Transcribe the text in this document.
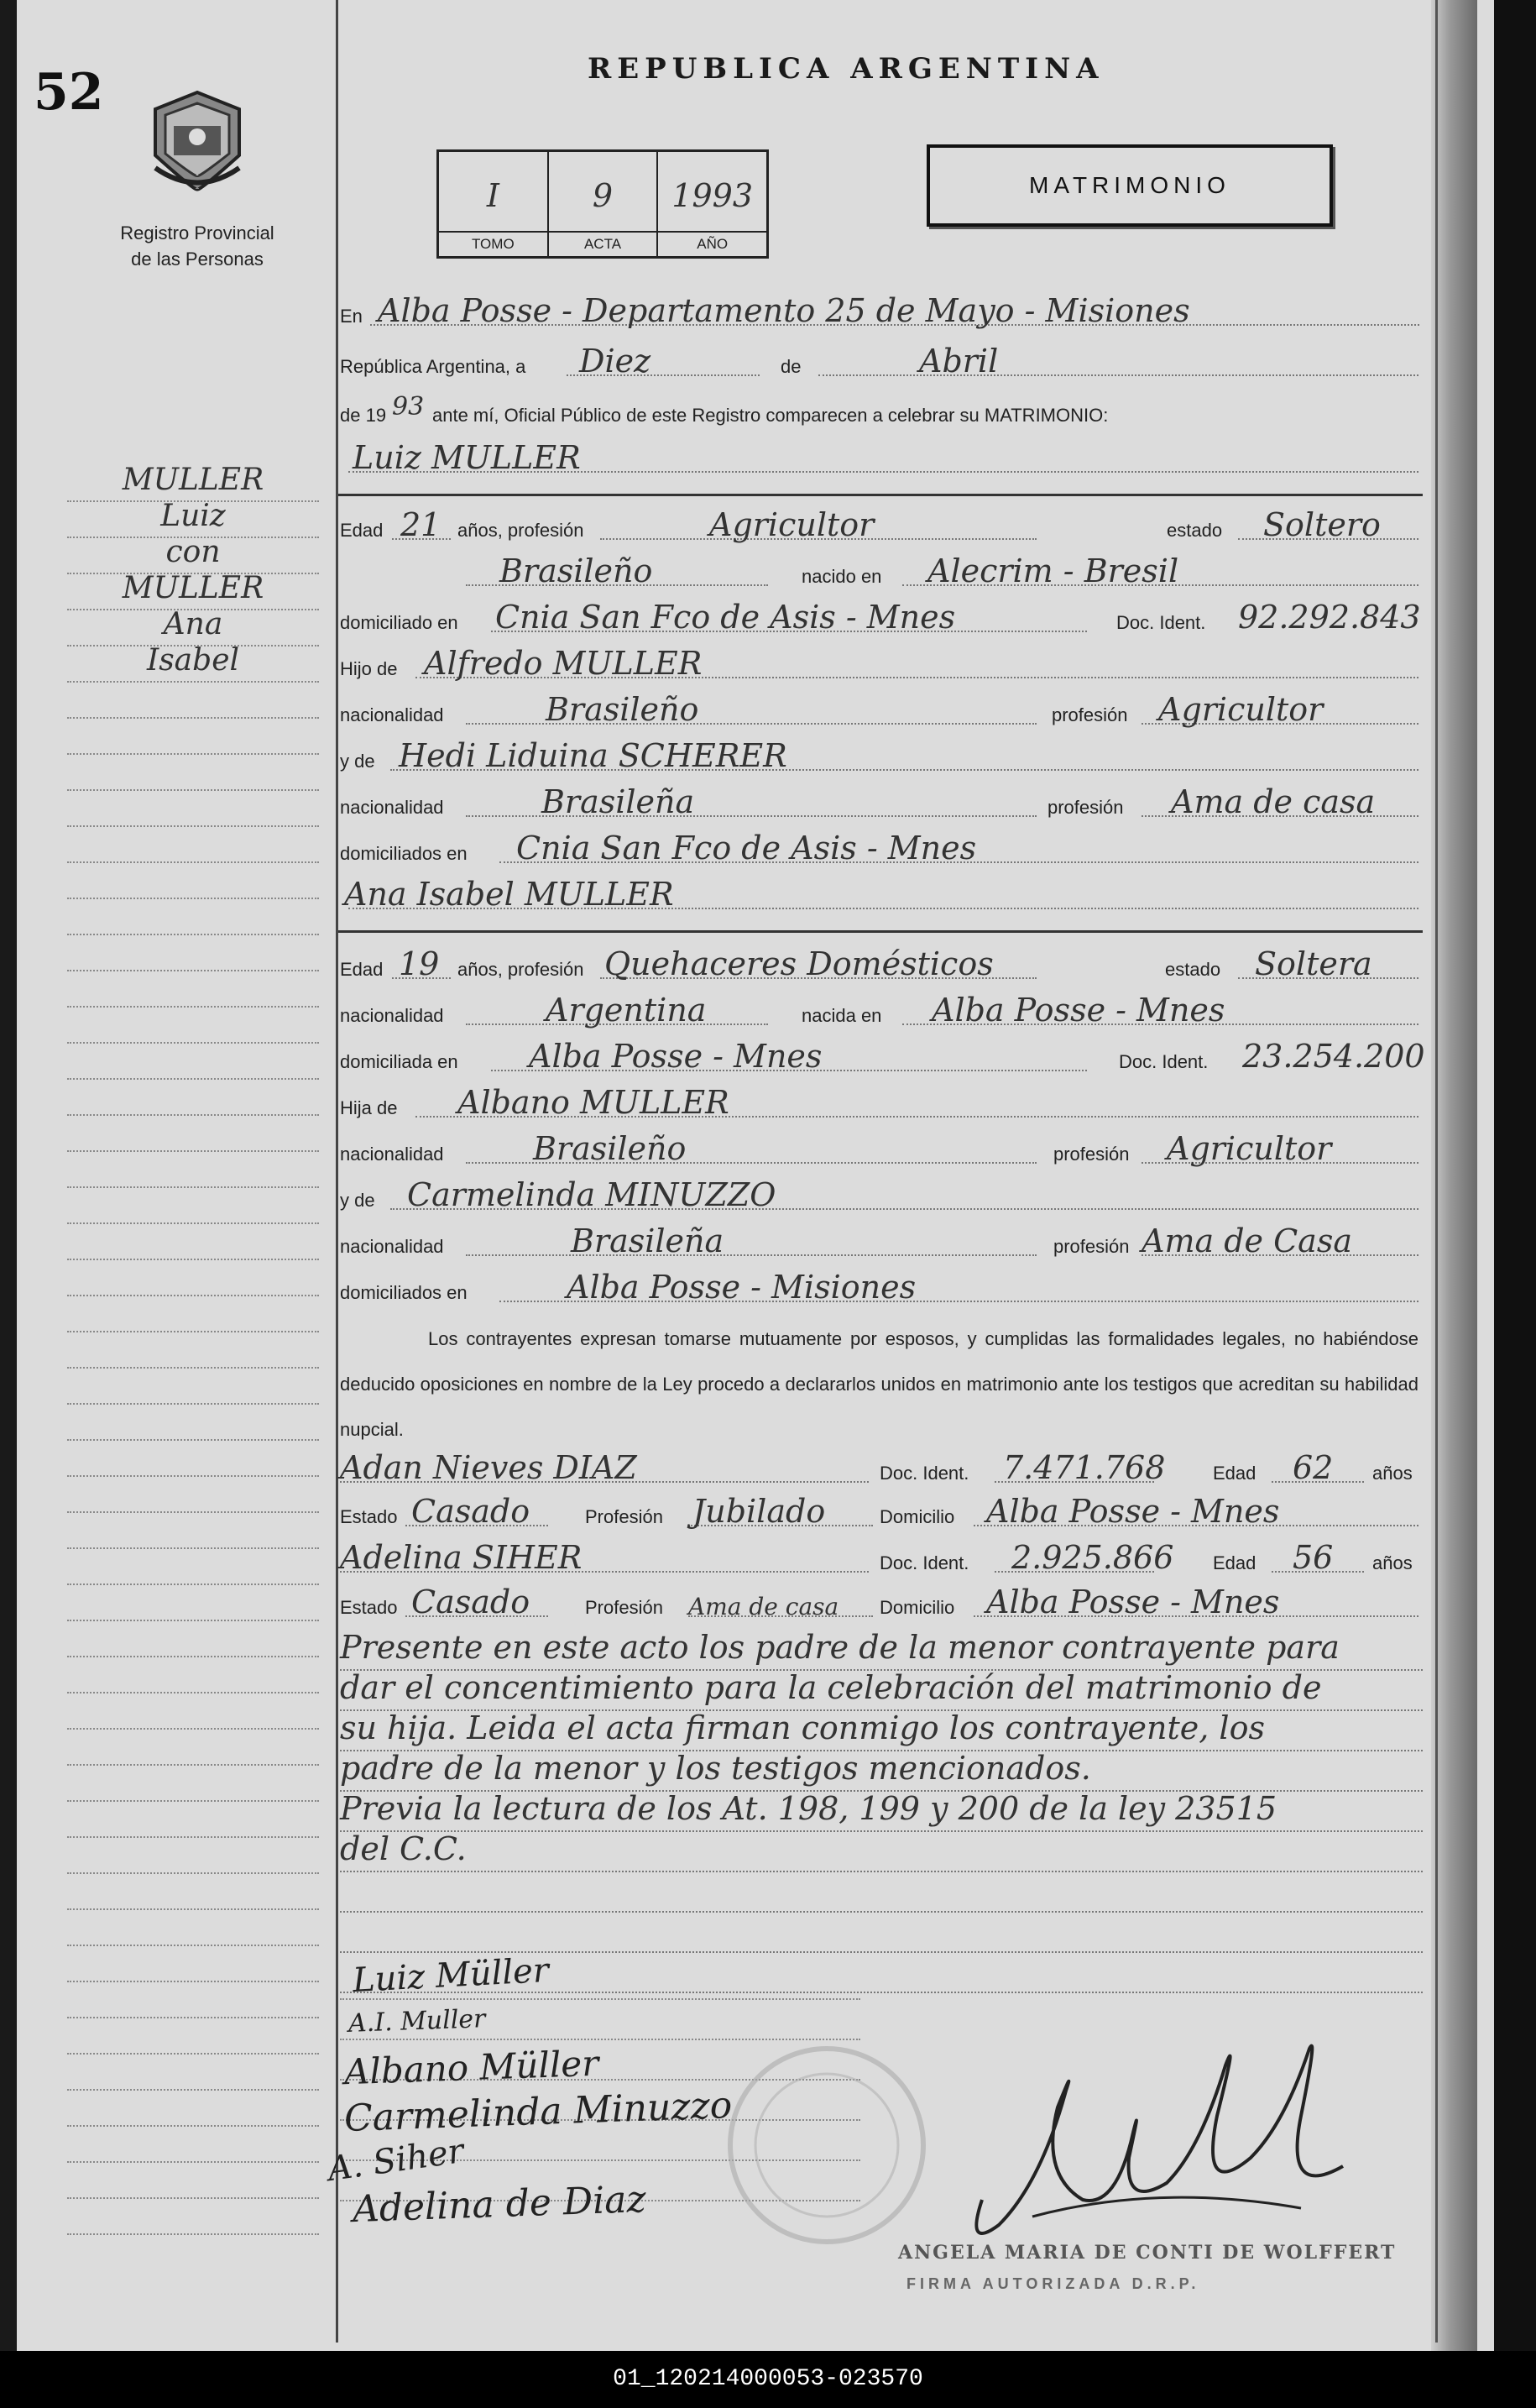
52
Registro Provincial
de las Personas
REPUBLICA ARGENTINA
I
TOMO
9
ACTA
1993
AÑO
MATRIMONIO
MULLER
Luiz
con
MULLER
Ana
Isabel
En Alba Posse - Departamento 25 de Mayo - Misiones
República Argentina, a Diez	de	Abril
de 19 93 ante mí, Oficial Público de este Registro comparecen a celebrar su MATRIMONIO:
Luiz MULLER
Edad 21 años, profesión	Agricultor	estado Soltero
Brasileño	nacido en Alecrim - Bresil
domiciliado en Cnia San Fco de Asis - Mnes	Doc. Ident. 92.292.843
Hijo de Alfredo MULLER
nacionalidad	Brasileño	profesión Agricultor
y de Hedi Liduina SCHERER
nacionalidad	Brasileña	profesión Ama de casa
domiciliados en Cnia San Fco de Asis - Mnes
Ana Isabel MULLER
Edad 19 años, profesión Quehaceres Domésticos	estado Soltera
nacionalidad	Argentina	nacida en Alba Posse - Mnes
domiciliada en Alba Posse - Mnes	Doc. Ident. 23.254.200
Hija de Albano MULLER
nacionalidad	Brasileño	profesión Agricultor
y de Carmelinda MINUZZO
nacionalidad	Brasileña	profesión Ama de Casa
domiciliados en	Alba Posse - Misiones
Los contrayentes expresan tomarse mutuamente por esposos, y cumplidas las formalidades legales, no habiéndose deducido oposiciones en nombre de la Ley procedo a declararlos unidos en matrimonio ante los testigos que acreditan su habilidad nupcial.
Adan Nieves DIAZ	Doc. Ident. 7.471.768	Edad 62 años
Estado Casado	Profesión Jubilado	Domicilio Alba Posse - Mnes
Adelina SIHER	Doc. Ident. 2.925.866 Edad 56 años
Estado Casado	Profesión Ama de casa Domicilio Alba Posse - Mnes
Presente en este acto los padre de la menor contrayente para
dar el concentimiento para la celebración del matrimonio de
su hija. Leida el acta firman conmigo los contrayente, los
padre de la menor y los testigos mencionados.
Previa la lectura de los At. 198, 199 y 200 de la ley 23515
del C.C.
Luiz Müller
A.I. Muller
Albano Müller
Carmelinda Minuzzo
A. Siher
Adelina de Diaz
ANGELA MARIA DE CONTI DE WOLFFERT
FIRMA AUTORIZADA D.R.P.
01_120214000053-023570
